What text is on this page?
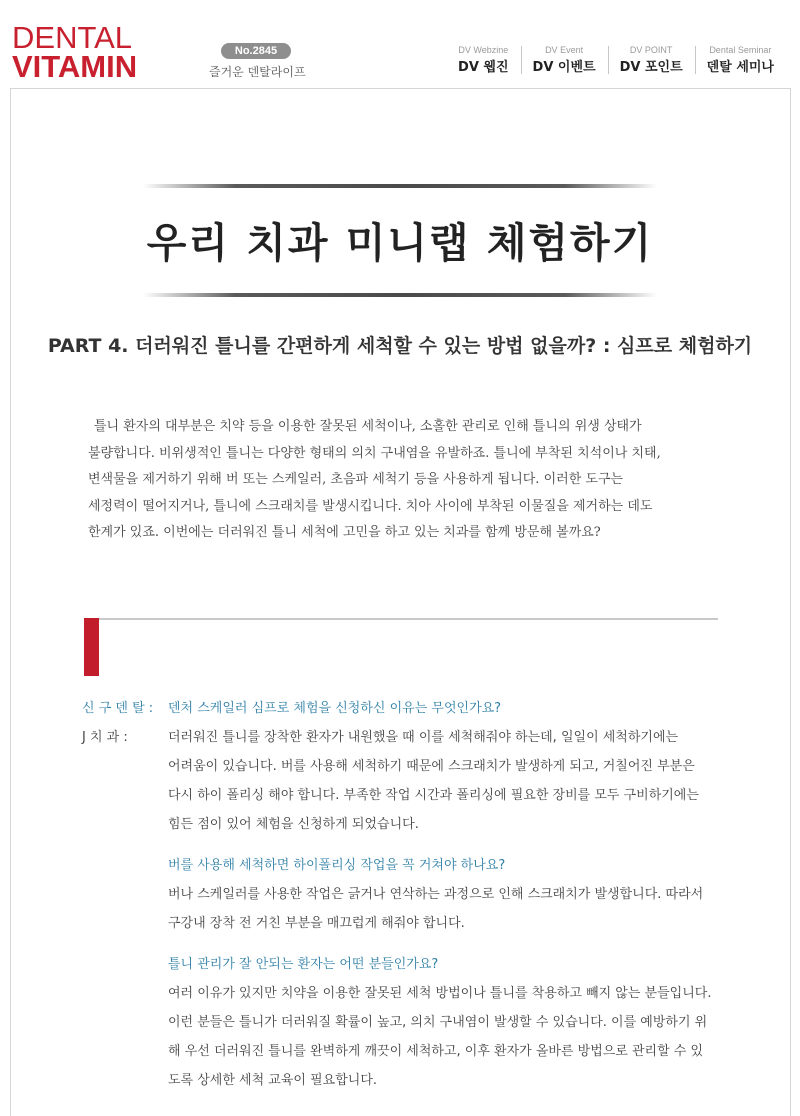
DENTAL
VITAMIN	No.2845
즐거운 덴탈라이프
DV Webzine
DV 웹진
DV Event
DV 이벤트
DV POINT
DV 포인트
Dental Seminar
덴탈 세미나
우리 치과 미니랩 체험하기
PART 4. 더러워진 틀니를 간편하게 세척할 수 있는 방법 없을까? : 심프로 체험하기

틀니 환자의 대부분은 치약 등을 이용한 잘못된 세척이나, 소홀한 관리로 인해 틀니의 위생 상태가

불량합니다. 비위생적인 틀니는 다양한 형태의 의치 구내염을 유발하죠. 틀니에 부착된 치석이나 치태,

변색물을 제거하기 위해 버 또는 스케일러, 초음파 세척기 등을 사용하게 됩니다. 이러한 도구는

세정력이 떨어지거나, 틀니에 스크래치를 발생시킵니다. 치아 사이에 부착된 이물질을 제거하는 데도

한계가 있죠. 이번에는 더러워진 틀니 세척에 고민을 하고 있는 치과를 함께 방문해 볼까요?

신 구 덴 탈 :	덴처 스케일러 심프로 체험을 신청하신 이유는 무엇인가요?
J 치 과 :	더러워진 틀니를 장착한 환자가 내원했을 때 이를 세척해줘야 하는데, 일일이 세척하기에는
어려움이 있습니다. 버를 사용해 세척하기 때문에 스크래치가 발생하게 되고, 거칠어진 부분은
다시 하이 폴리싱 해야 합니다. 부족한 작업 시간과 폴리싱에 필요한 장비를 모두 구비하기에는
힘든 점이 있어 체험을 신청하게 되었습니다.
버를 사용해 세척하면 하이폴리싱 작업을 꼭 거쳐야 하나요?
버나 스케일러를 사용한 작업은 긁거나 연삭하는 과정으로 인해 스크래치가 발생합니다. 따라서
구강내 장착 전 거친 부분을 매끄럽게 해줘야 합니다.
틀니 관리가 잘 안되는 환자는 어떤 분들인가요?
여러 이유가 있지만 치약을 이용한 잘못된 세척 방법이나 틀니를 착용하고 빼지 않는 분들입니다.
이런 분들은 틀니가 더러워질 확률이 높고, 의치 구내염이 발생할 수 있습니다. 이를 예방하기 위
해 우선 더러워진 틀니를 완벽하게 깨끗이 세척하고, 이후 환자가 올바른 방법으로 관리할 수 있
도록 상세한 세척 교육이 필요합니다.
